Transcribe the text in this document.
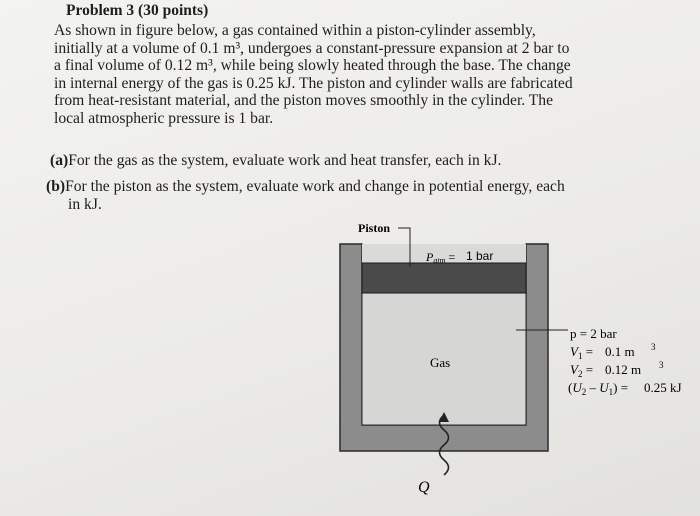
Problem 3 (30 points)
As shown in figure below, a gas contained within a piston-cylinder assembly,
initially at a volume of 0.1 m³, undergoes a constant-pressure expansion at 2 bar to
a final volume of 0.12 m³, while being slowly heated through the base. The change
in internal energy of the gas is 0.25 kJ. The piston and cylinder walls are fabricated
from heat-resistant material, and the piston moves smoothly in the cylinder. The
local atmospheric pressure is 1 bar.
(a)For the gas as the system, evaluate work and heat transfer, each in kJ.
(b)For the piston as the system, evaluate work and change in potential energy, each
in kJ.
Piston
Patm = 1 bar
Gas
p = 2 bar
$V_1 = 0.1$ m 3
$V_2 = 0.12$ m 3
$(U_2 - U_1) = 0.25$ kJ
Q
